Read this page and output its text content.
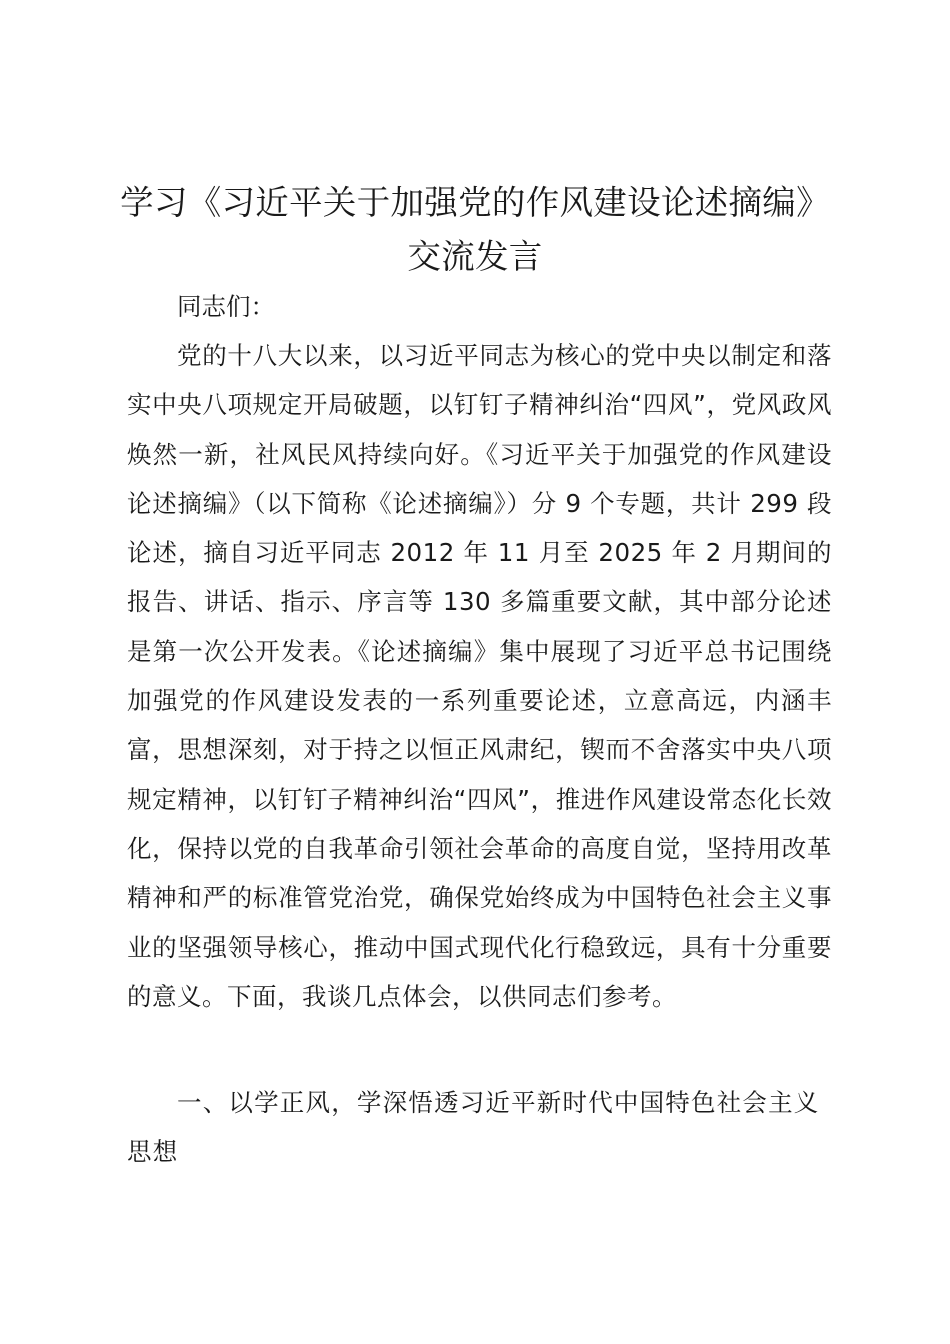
学习《习近平关于加强党的作风建设论述摘编》交流发言

同志们：

党的十八大以来，以习近平同志为核心的党中央以制定和落实中央八项规定开局破题，以钉钉子精神纠治“四风”，党风政风焕然一新，社风民风持续向好。《习近平关于加强党的作风建设论述摘编》（以下简称《论述摘编》）分 9 个专题，共计 299 段论述，摘自习近平同志 2012 年 11 月至 2025 年 2 月期间的报告、讲话、指示、序言等 130 多篇重要文献，其中部分论述是第一次公开发表。《论述摘编》集中展现了习近平总书记围绕加强党的作风建设发表的一系列重要论述，立意高远，内涵丰富，思想深刻，对于持之以恒正风肃纪，锲而不舍落实中央八项规定精神，以钉钉子精神纠治“四风”，推进作风建设常态化长效化，保持以党的自我革命引领社会革命的高度自觉，坚持用改革精神和严的标准管党治党，确保党始终成为中国特色社会主义事业的坚强领导核心，推动中国式现代化行稳致远，具有十分重要的意义。下面，我谈几点体会，以供同志们参考。

一、以学正风，学深悟透习近平新时代中国特色社会主义思想
